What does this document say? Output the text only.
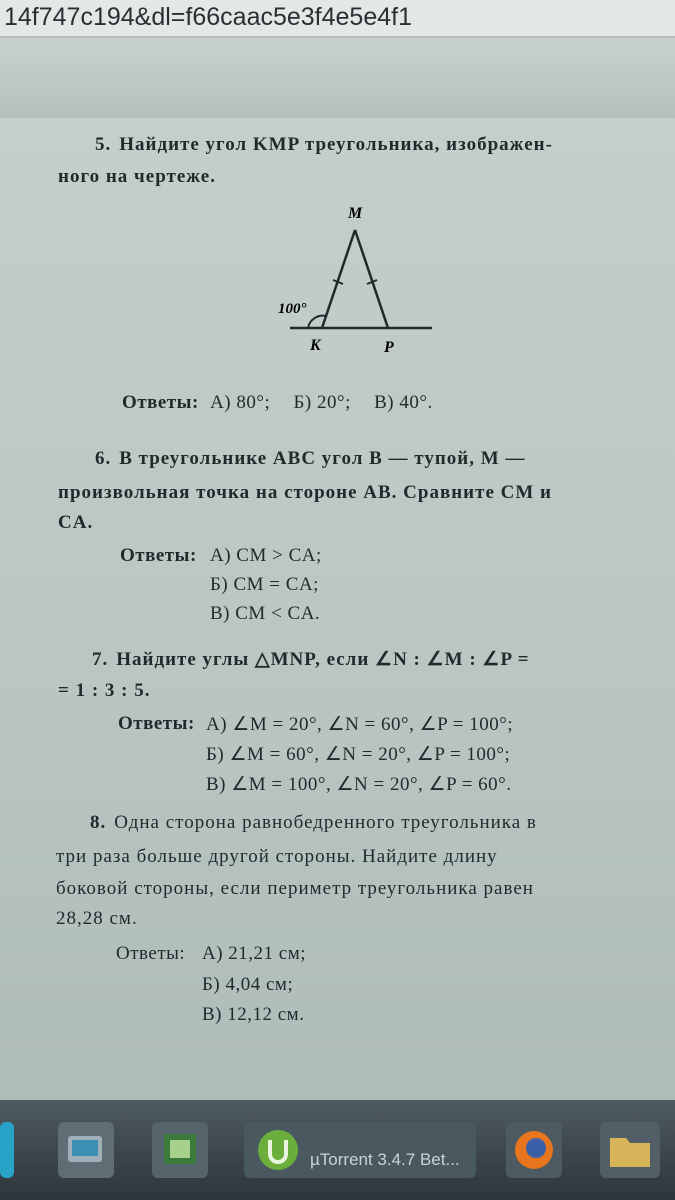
14f747c194&dl=f66caac5e3f4e5e4f1
5. Найдите угол KMP треугольника, изображен-
ного на чертеже.
M
K	P
100°
Ответы: А) 80°; Б) 20°; В) 40°.
6. В треугольнике ABC угол B — тупой, M —
произвольная точка на стороне AB. Сравните CM и
CA.
Ответы: А) CM > CA;
Б) CM = CA;
В) CM < CA.
7. Найдите углы △MNP, если ∠N : ∠M : ∠P =
= 1 : 3 : 5.
Ответы: А) ∠M = 20°, ∠N = 60°, ∠P = 100°;
Б) ∠M = 60°, ∠N = 20°, ∠P = 100°;
В) ∠M = 100°, ∠N = 20°, ∠P = 60°.
8. Одна сторона равнобедренного треугольника в
три раза больше другой стороны. Найдите длину
боковой стороны, если периметр треугольника равен
28,28 см.
Ответы: А) 21,21 см;
Б) 4,04 см;
В) 12,12 см.
µTorrent 3.4.7 Bet...
